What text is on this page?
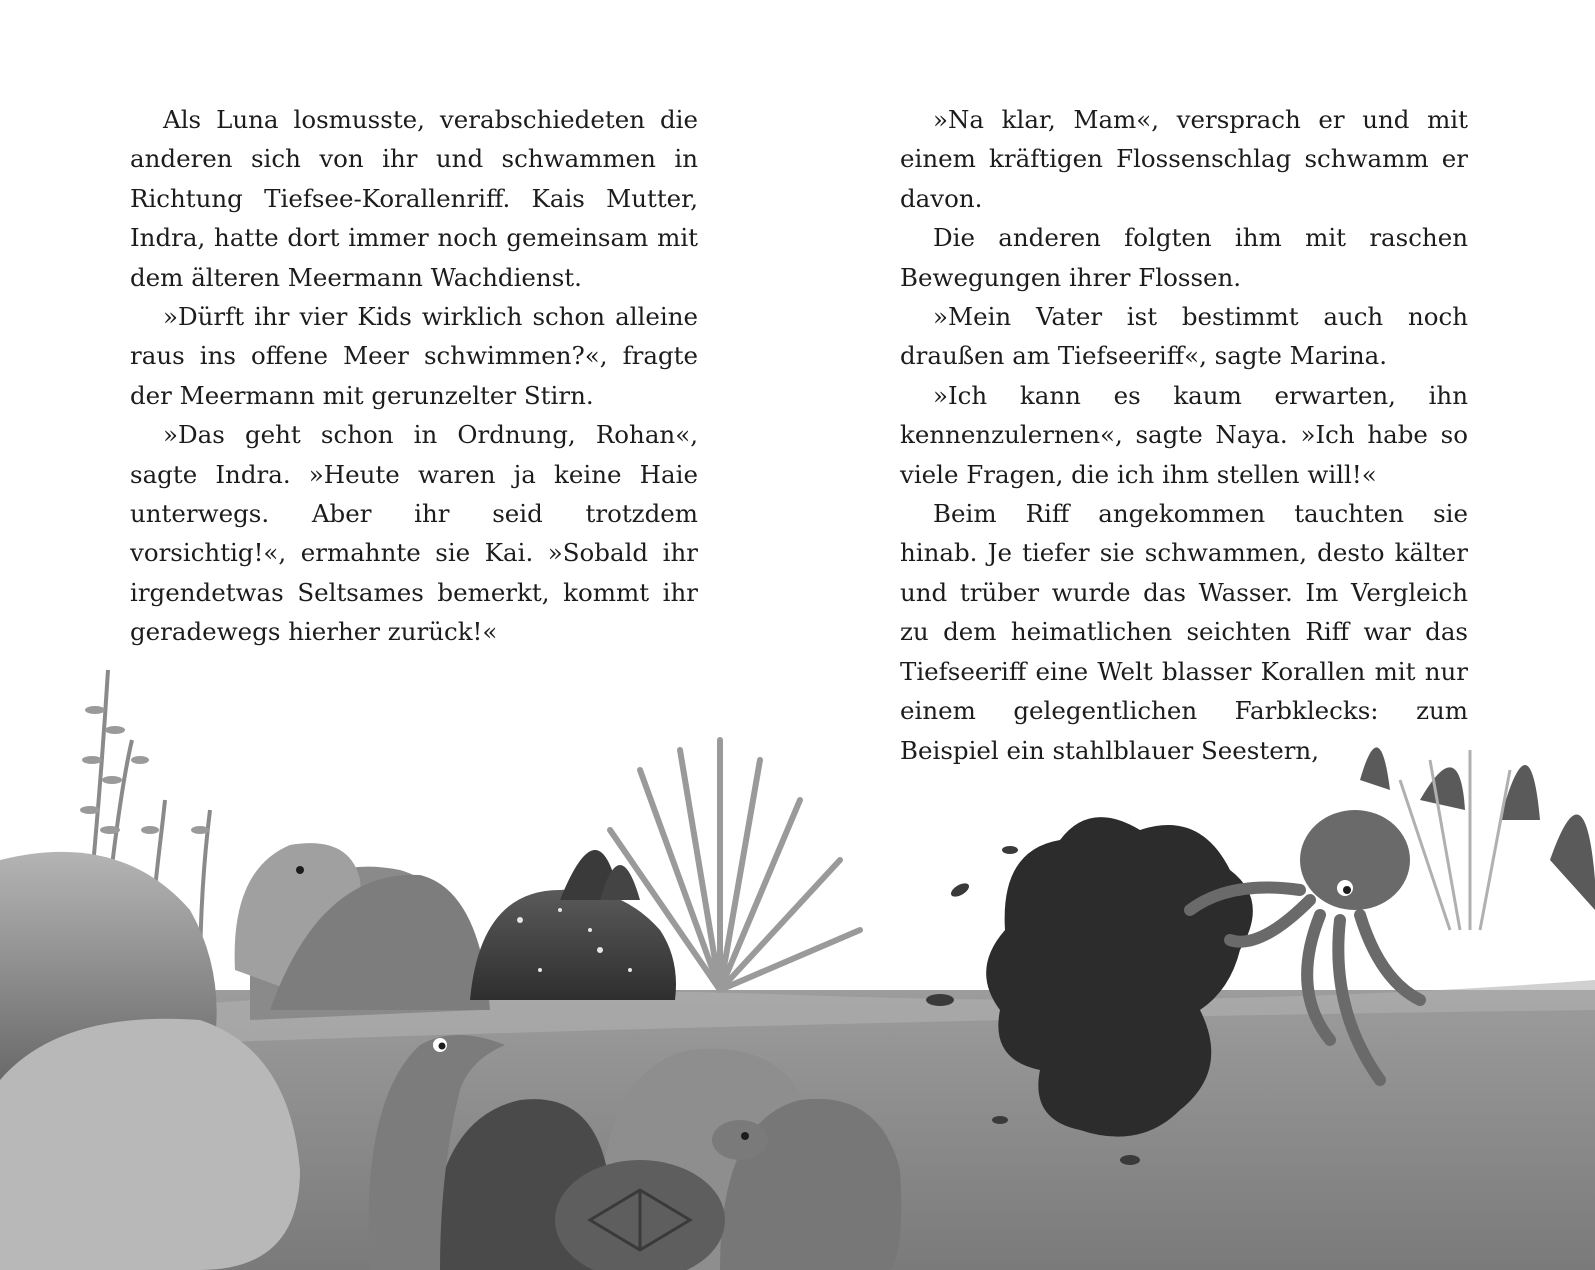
Als Luna losmusste, verabschiedeten die anderen sich von ihr und schwammen in Richtung Tiefsee-Korallenriff. Kais Mutter, Indra, hatte dort immer noch gemeinsam mit dem älteren Meermann Wachdienst.

»Dürft ihr vier Kids wirklich schon alleine raus ins offene Meer schwimmen?«, fragte der Meermann mit gerunzelter Stirn.

»Das geht schon in Ordnung, Rohan«, sagte Indra. »Heute waren ja keine Haie unterwegs. Aber ihr seid trotzdem vorsichtig!«, ermahnte sie Kai. »Sobald ihr irgendetwas Seltsames bemerkt, kommt ihr geradewegs hierher zurück!«

»Na klar, Mam«, versprach er und mit einem kräftigen Flossenschlag schwamm er davon.

Die anderen folgten ihm mit raschen Bewegungen ihrer Flossen.

»Mein Vater ist bestimmt auch noch draußen am Tiefseeriff«, sagte Marina.

»Ich kann es kaum erwarten, ihn kennenzulernen«, sagte Naya. »Ich habe so viele Fragen, die ich ihm stellen will!«

Beim Riff angekommen tauchten sie hinab. Je tiefer sie schwammen, desto kälter und trüber wurde das Wasser. Im Vergleich zu dem heimatlichen seichten Riff war das Tiefseeriff eine Welt blasser Korallen mit nur einem gelegentlichen Farbklecks: zum Beispiel ein stahlblauer Seestern,
